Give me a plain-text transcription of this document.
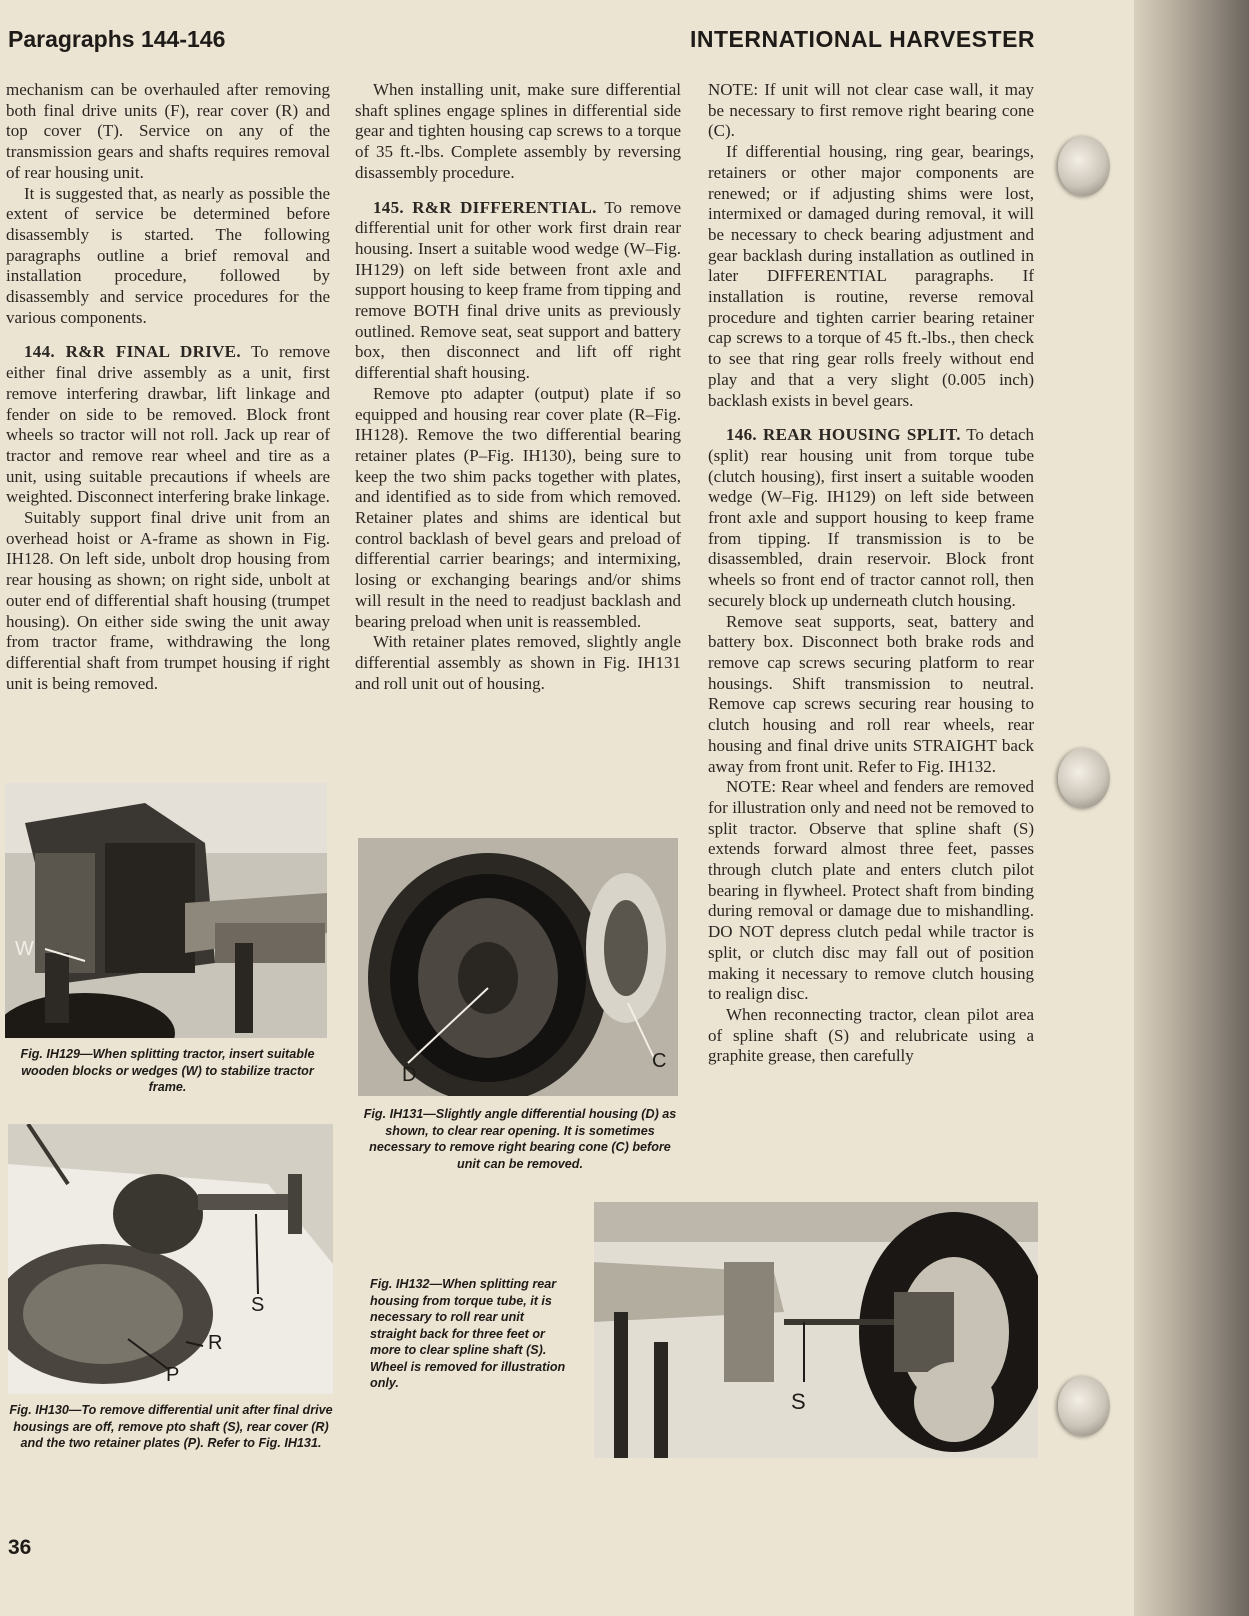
Paragraphs 144-146	INTERNATIONAL HARVESTER

mechanism can be overhauled after removing both final drive units (F), rear cover (R) and top cover (T). Service on any of the transmission gears and shafts requires removal of rear housing unit.

It is suggested that, as nearly as possible the extent of service be determined before disassembly is started. The following paragraphs outline a brief removal and installation procedure, followed by disassembly and service procedures for the various components.

144. R&R FINAL DRIVE. To remove either final drive assembly as a unit, first remove interfering drawbar, lift linkage and fender on side to be removed. Block front wheels so tractor will not roll. Jack up rear of tractor and remove rear wheel and tire as a unit, using suitable precautions if wheels are weighted. Disconnect interfering brake linkage.

Suitably support final drive unit from an overhead hoist or A-frame as shown in Fig. IH128. On left side, unbolt drop housing from rear housing as shown; on right side, unbolt at outer end of differential shaft housing (trumpet housing). On either side swing the unit away from tractor frame, withdrawing the long differential shaft from trumpet housing if right unit is being removed.

When installing unit, make sure differential shaft splines engage splines in differential side gear and tighten housing cap screws to a torque of 35 ft.-lbs. Complete assembly by reversing disassembly procedure.

145. R&R DIFFERENTIAL. To remove differential unit for other work first drain rear housing. Insert a suitable wood wedge (W–Fig. IH129) on left side between front axle and support housing to keep frame from tipping and remove BOTH final drive units as previously outlined. Remove seat, seat support and battery box, then disconnect and lift off right differential shaft housing.

Remove pto adapter (output) plate if so equipped and housing rear cover plate (R–Fig. IH128). Remove the two differential bearing retainer plates (P–Fig. IH130), being sure to keep the two shim packs together with plates, and identified as to side from which removed. Retainer plates and shims are identical but control backlash of bevel gears and preload of differential carrier bearings; and intermixing, losing or exchanging bearings and/or shims will result in the need to readjust backlash and bearing preload when unit is reassembled.

With retainer plates removed, slightly angle differential assembly as shown in Fig. IH131 and roll unit out of housing.

NOTE: If unit will not clear case wall, it may be necessary to first remove right bearing cone (C).

If differential housing, ring gear, bearings, retainers or other major components are renewed; or if adjusting shims were lost, intermixed or damaged during removal, it will be necessary to check bearing adjustment and gear backlash during installation as outlined in later DIFFERENTIAL paragraphs. If installation is routine, reverse removal procedure and tighten carrier bearing retainer cap screws to a torque of 45 ft.-lbs., then check to see that ring gear rolls freely without end play and that a very slight (0.005 inch) backlash exists in bevel gears.

146. REAR HOUSING SPLIT. To detach (split) rear housing unit from torque tube (clutch housing), first insert a suitable wooden wedge (W–Fig. IH129) on left side between front axle and support housing to keep frame from tipping. If transmission is to be disassembled, drain reservoir. Block front wheels so front end of tractor cannot roll, then securely block up underneath clutch housing.

Remove seat supports, seat, battery and battery box. Disconnect both brake rods and remove cap screws securing platform to rear housings. Shift transmission to neutral. Remove cap screws securing rear housing to clutch housing and roll rear wheels, rear housing and final drive units STRAIGHT back away from front unit. Refer to Fig. IH132.

NOTE: Rear wheel and fenders are removed for illustration only and need not be removed to split tractor. Observe that spline shaft (S) extends forward almost three feet, passes through clutch plate and enters clutch pilot bearing in flywheel. Protect shaft from binding during removal or damage due to mishandling. DO NOT depress clutch pedal while tractor is split, or clutch disc may fall out of position making it necessary to remove clutch housing to realign disc.

When reconnecting tractor, clean pilot area of spline shaft (S) and relubricate using a graphite grease, then carefully

W
Fig. IH129—When splitting tractor, insert suitable wooden blocks or wedges (W) to stabilize tractor frame.
S
R
P
Fig. IH130—To remove differential unit after final drive housings are off, remove pto shaft (S), rear cover (R) and the two retainer plates (P). Refer to Fig. IH131.
D
C
Fig. IH131—Slightly angle differential housing (D) as shown, to clear rear opening. It is sometimes necessary to remove right bearing cone (C) before unit can be removed.
Fig. IH132—When splitting rear housing from torque tube, it is necessary to roll rear unit straight back for three feet or more to clear spline shaft (S). Wheel is removed for illustration only.
S
36
